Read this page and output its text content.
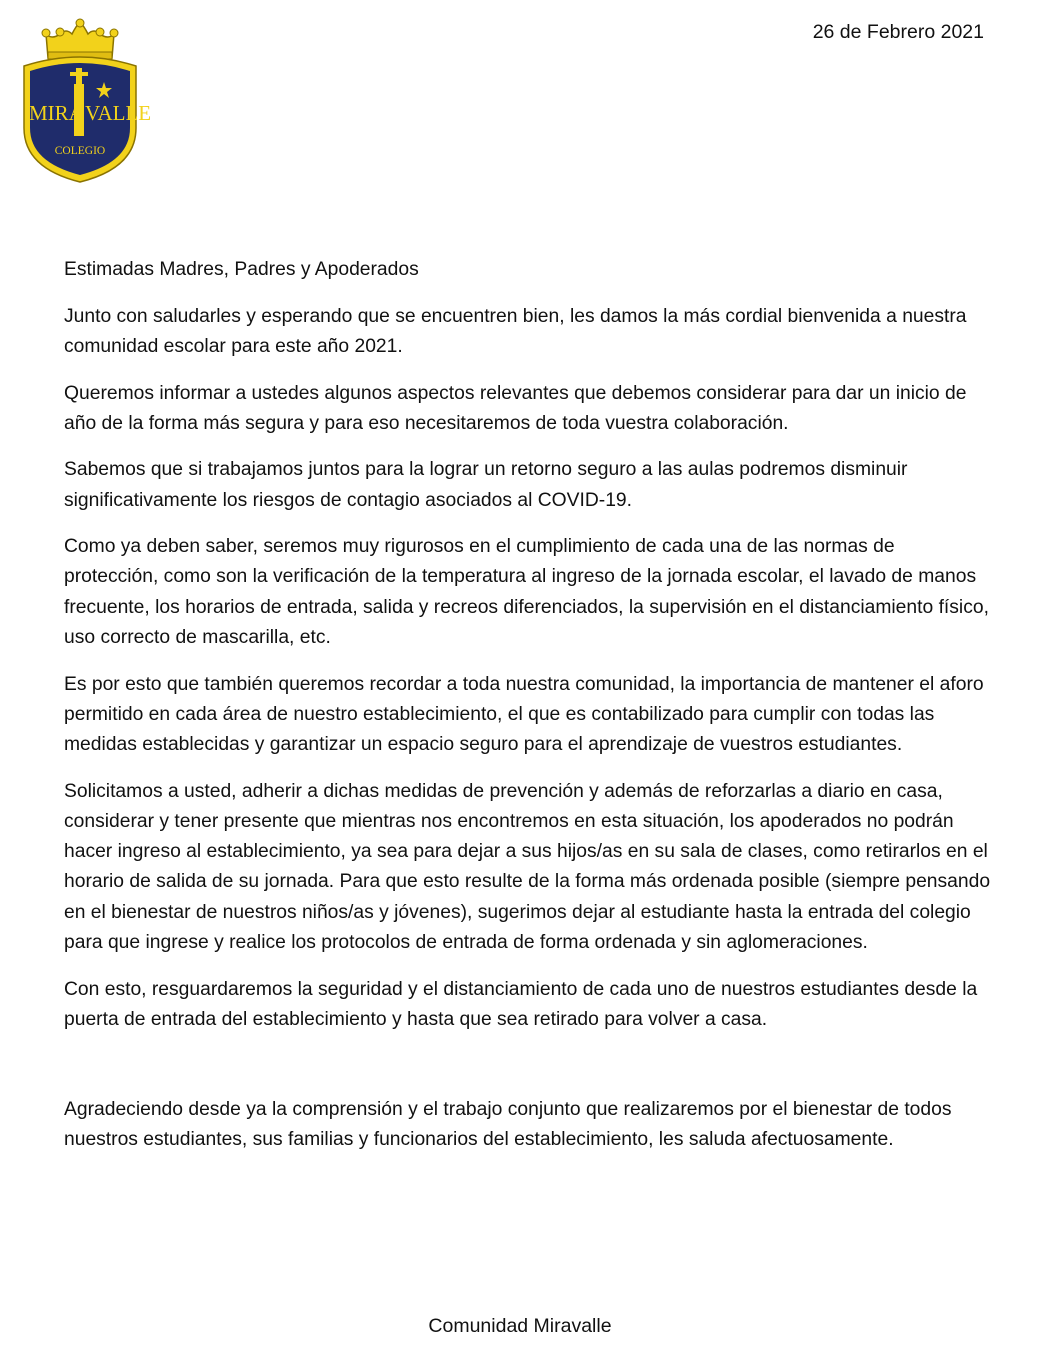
MIRA VALLE
COLEGIO
26 de Febrero 2021

Estimadas Madres, Padres y Apoderados

Junto con saludarles y esperando que se encuentren bien, les damos la más cordial bienvenida a nuestra comunidad escolar para este año 2021.

Queremos informar a ustedes algunos aspectos relevantes que debemos considerar para dar un inicio de año de la forma más segura y para eso necesitaremos de toda vuestra colaboración.

Sabemos que si trabajamos juntos para la lograr un retorno seguro a las aulas podremos disminuir significativamente los riesgos de contagio asociados al COVID-19.

Como ya deben saber, seremos muy rigurosos en el cumplimiento de cada una de las normas de protección, como son la verificación de la temperatura al ingreso de la jornada escolar, el lavado de manos frecuente, los horarios de entrada, salida y recreos diferenciados, la supervisión en el distanciamiento físico, uso correcto de mascarilla, etc.

Es por esto que también queremos recordar a toda nuestra comunidad, la importancia de mantener el aforo permitido en cada área de nuestro establecimiento, el que es contabilizado para cumplir con todas las medidas establecidas y garantizar un espacio seguro para el aprendizaje de vuestros estudiantes.

Solicitamos a usted, adherir a dichas medidas de prevención y además de reforzarlas a diario en casa, considerar y tener presente que mientras nos encontremos en esta situación, los apoderados no podrán hacer ingreso al establecimiento, ya sea para dejar a sus hijos/as en su sala de clases, como retirarlos en el horario de salida de su jornada. Para que esto resulte de la forma más ordenada posible (siempre pensando en el bienestar de nuestros niños/as y jóvenes), sugerimos dejar al estudiante hasta la entrada del colegio para que ingrese y realice los protocolos de entrada de forma ordenada y sin aglomeraciones.

Con esto, resguardaremos la seguridad y el distanciamiento de cada uno de nuestros estudiantes desde la puerta de entrada del establecimiento y hasta que sea retirado para volver a casa.

Agradeciendo desde ya la comprensión y el trabajo conjunto que realizaremos por el bienestar de todos nuestros estudiantes, sus familias y funcionarios del establecimiento, les saluda afectuosamente.

Comunidad Miravalle
